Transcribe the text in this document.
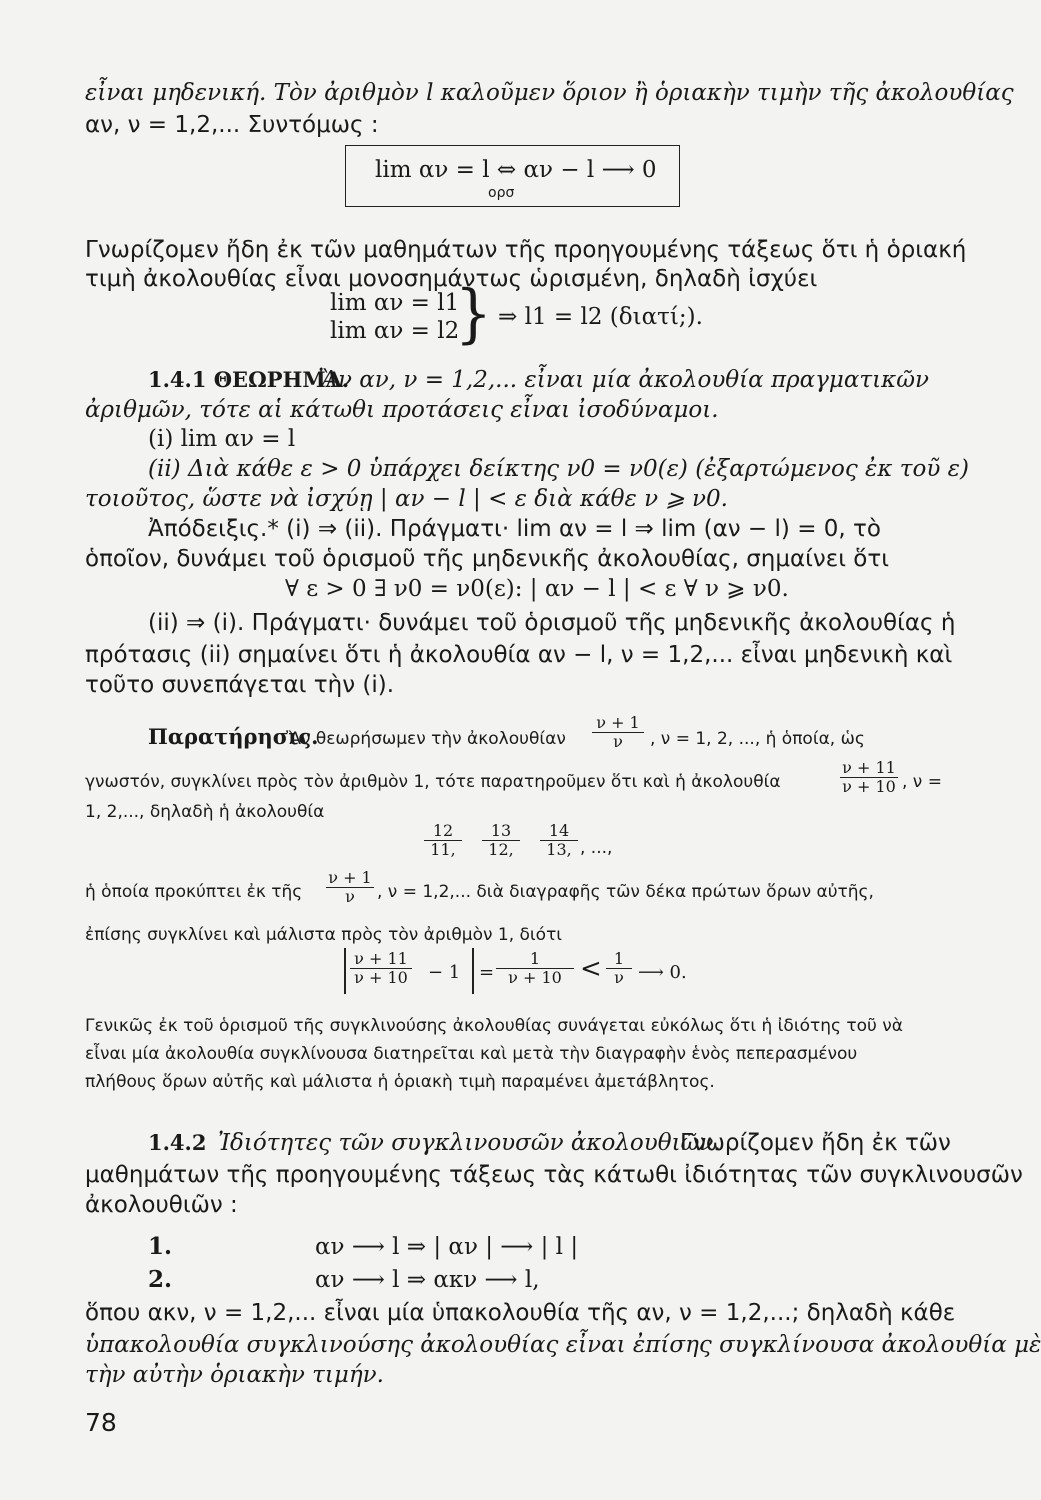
εἶναι μηδενική. Τὸν ἀριθμὸν l καλοῦμεν ὅριον ἢ ὁριακὴν τιμὴν τῆς ἀκολουθίας
αν, ν = 1,2,... Συντόμως :
lim αν = l ⇔ αν − l ⟶ 0
ορσ
Γνωρίζομεν ἤδη ἐκ τῶν μαθημάτων τῆς προηγουμένης τάξεως ὅτι ἡ ὁριακή
τιμὴ ἀκολουθίας εἶναι μονοσημάντως ὡρισμένη, δηλαδὴ ἰσχύει
lim αν = l1
lim αν = l2
} ⇒ l1 = l2 (διατί;).
1.4.1 ΘΕΩΡΗΜΑ.
Ἂν αν, ν = 1,2,... εἶναι μία ἀκολουθία πραγματικῶν
ἀριθμῶν, τότε αἱ κάτωθι προτάσεις εἶναι ἰσοδύναμοι.
(i) lim αν = l
(ii) Διὰ κάθε ε > 0 ὑπάρχει δείκτης ν0 = ν0(ε) (ἐξαρτώμενος ἐκ τοῦ ε)
τοιοῦτος, ὥστε νὰ ἰσχύῃ | αν − l | < ε διὰ κάθε ν ⩾ ν0.
Ἀπόδειξις.* (i) ⇒ (ii). Πράγματι· lim αν = l ⇒ lim (αν − l) = 0, τὸ
ὁποῖον, δυνάμει τοῦ ὁρισμοῦ τῆς μηδενικῆς ἀκολουθίας, σημαίνει ὅτι
∀ ε > 0 ∃ ν0 = ν0(ε): | αν − l | < ε ∀ ν ⩾ ν0.
(ii) ⇒ (i). Πράγματι· δυνάμει τοῦ ὁρισμοῦ τῆς μηδενικῆς ἀκολουθίας ἡ
πρότασις (ii) σημαίνει ὅτι ἡ ἀκολουθία αν − l, ν = 1,2,... εἶναι μηδενικὴ καὶ
τοῦτο συνεπάγεται τὴν (i).
Παρατήρησις.
Ἂν θεωρήσωμεν τὴν ἀκολουθίαν $\frac{\nu + 1}{\nu}$ , ν = 1, 2, ..., ἡ ὁποία, ὡς
γνωστόν, συγκλίνει πρὸς τὸν ἀριθμὸν 1, τότε παρατηροῦμεν ὅτι καὶ ἡ ἀκολουθία	$\frac{\nu + 11}{\nu + 10}$ , ν =
1, 2,..., δηλαδὴ ἡ ἀκολουθία
$\frac{12}{11,} \frac{13}{12,} \frac{14}{13,}$ , ...,
ἡ ὁποία προκύπτει ἐκ τῆς $\frac{\nu + 1}{\nu}$ , ν = 1,2,... διὰ διαγραφῆς τῶν δέκα πρώτων ὅρων αὐτῆς,
ἐπίσης συγκλίνει καὶ μάλιστα πρὸς τὸν ἀριθμὸν 1, διότι
$\frac{\nu + 11}{\nu + 10} - 1 = \frac{1}{\nu + 10} < \frac{1}{\nu}$ ⟶ 0.
Γενικῶς ἐκ τοῦ ὁρισμοῦ τῆς συγκλινούσης ἀκολουθίας συνάγεται εὐκόλως ὅτι ἡ ἰδιότης τοῦ νὰ
εἶναι μία ἀκολουθία συγκλίνουσα διατηρεῖται καὶ μετὰ τὴν διαγραφὴν ἑνὸς πεπερασμένου
πλήθους ὅρων αὐτῆς καὶ μάλιστα ἡ ὁριακὴ τιμὴ παραμένει ἀμετάβλητος.
1.4.2 Ἰδιότητες τῶν συγκλινουσῶν ἀκολουθιῶν.
Γνωρίζομεν ἤδη ἐκ τῶν
μαθημάτων τῆς προηγουμένης τάξεως τὰς κάτωθι ἰδιότητας τῶν συγκλινουσῶν
ἀκολουθιῶν :
1.	αν ⟶ l ⇒ | αν | ⟶ | l |
2.	αν ⟶ l ⇒ ακν ⟶ l,
ὅπου ακν, ν = 1,2,... εἶναι μία ὑπακολουθία τῆς αν, ν = 1,2,...; δηλαδὴ κάθε
ὑπακολουθία συγκλινούσης ἀκολουθίας εἶναι ἐπίσης συγκλίνουσα ἀκολουθία μὲ
τὴν αὐτὴν ὁριακὴν τιμήν.
78
